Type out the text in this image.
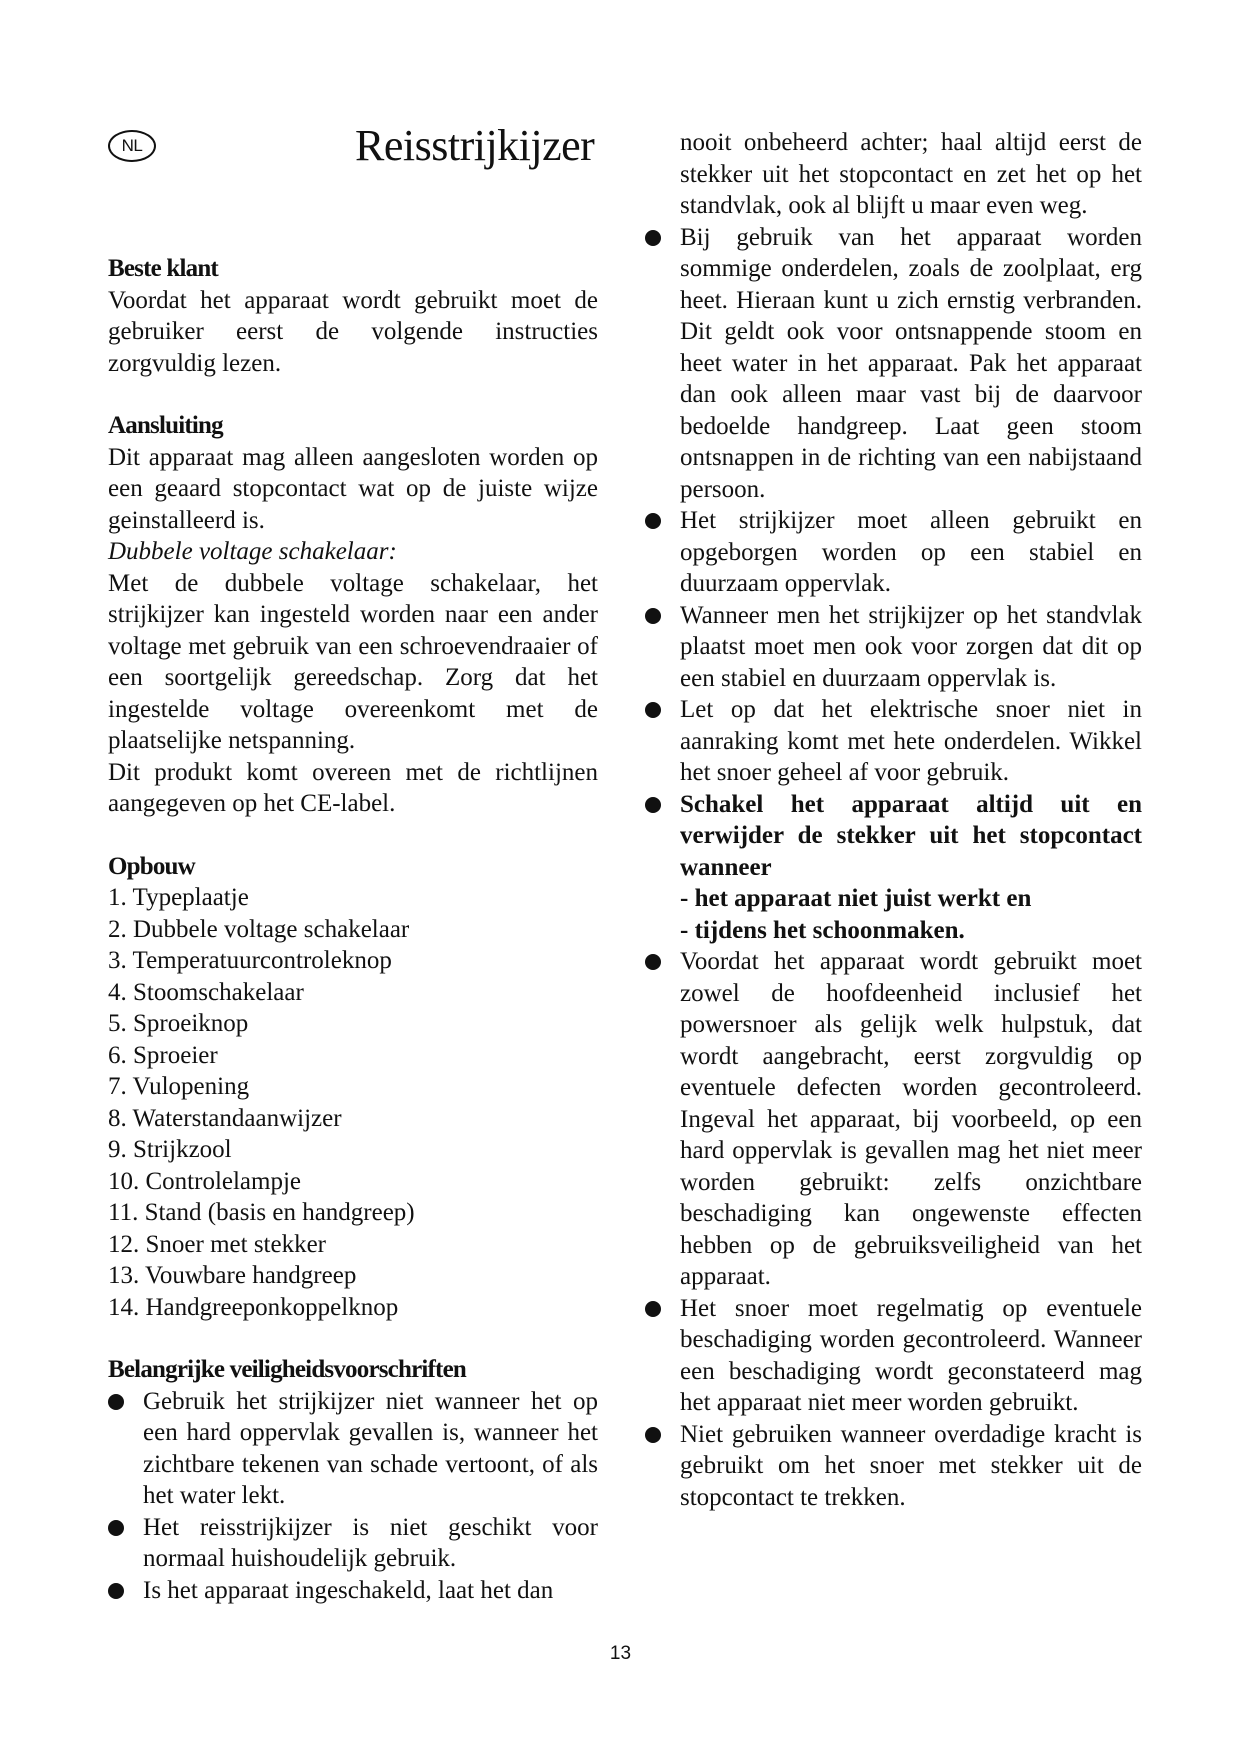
NL	Reisstrijkijzer
Beste klant

Voordat het apparaat wordt gebruikt moet de gebruiker eerst de volgende instructies zorgvuldig lezen.

Aansluiting

Dit apparaat mag alleen aangesloten worden op een geaard stopcontact wat op de juiste wijze geinstalleerd is.

Dubbele voltage schakelaar:

Met de dubbele voltage schakelaar, het strijkijzer kan ingesteld worden naar een ander voltage met gebruik van een schroevendraaier of een soortgelijk gereedschap. Zorg dat het ingestelde voltage overeenkomt met de plaatselijke netspanning.

Dit produkt komt overeen met de richtlijnen aangegeven op het CE-label.

Opbouw
1. Typeplaatje
2. Dubbele voltage schakelaar
3. Temperatuurcontroleknop
4. Stoomschakelaar
5. Sproeiknop
6. Sproeier
7. Vulopening
8. Waterstandaanwijzer
9. Strijkzool
10. Controlelampje
11. Stand (basis en handgreep)
12. Snoer met stekker
13. Vouwbare handgreep
14. Handgreeponkoppelknop
Belangrijke veiligheidsvoorschriften
Gebruik het strijkijzer niet wanneer het op een hard oppervlak gevallen is, wanneer het zichtbare tekenen van schade vertoont, of als het water lekt.
Het reisstrijkijzer is niet geschikt voor normaal huishoudelijk gebruik.
Is het apparaat ingeschakeld, laat het dan
nooit onbeheerd achter; haal altijd eerst de stekker uit het stopcontact en zet het op het standvlak, ook al blijft u maar even weg.
Bij gebruik van het apparaat worden sommige onderdelen, zoals de zoolplaat, erg heet. Hieraan kunt u zich ernstig verbranden. Dit geldt ook voor ontsnappende stoom en heet water in het apparaat. Pak het apparaat dan ook alleen maar vast bij de daarvoor bedoelde handgreep. Laat geen stoom ontsnappen in de richting van een nabijstaand persoon.
Het strijkijzer moet alleen gebruikt en opgeborgen worden op een stabiel en duurzaam oppervlak.
Wanneer men het strijkijzer op het standvlak plaatst moet men ook voor zorgen dat dit op een stabiel en duurzaam oppervlak is.
Let op dat het elektrische snoer niet in aanraking komt met hete onderdelen. Wikkel het snoer geheel af voor gebruik.
Schakel het apparaat altijd uit en verwijder de stekker uit het stopcontact wanneer
- het apparaat niet juist werkt en
- tijdens het schoonmaken.
Voordat het apparaat wordt gebruikt moet zowel de hoofdeenheid inclusief het powersnoer als gelijk welk hulpstuk, dat wordt aangebracht, eerst zorgvuldig op eventuele defecten worden gecontroleerd. Ingeval het apparaat, bij voorbeeld, op een hard oppervlak is gevallen mag het niet meer worden gebruikt: zelfs onzichtbare beschadiging kan ongewenste effecten hebben op de gebruiksveiligheid van het apparaat.
Het snoer moet regelmatig op eventuele beschadiging worden gecontroleerd. Wanneer een beschadiging wordt geconstateerd mag het apparaat niet meer worden gebruikt.
Niet gebruiken wanneer overdadige kracht is gebruikt om het snoer met stekker uit de stopcontact te trekken.
13
